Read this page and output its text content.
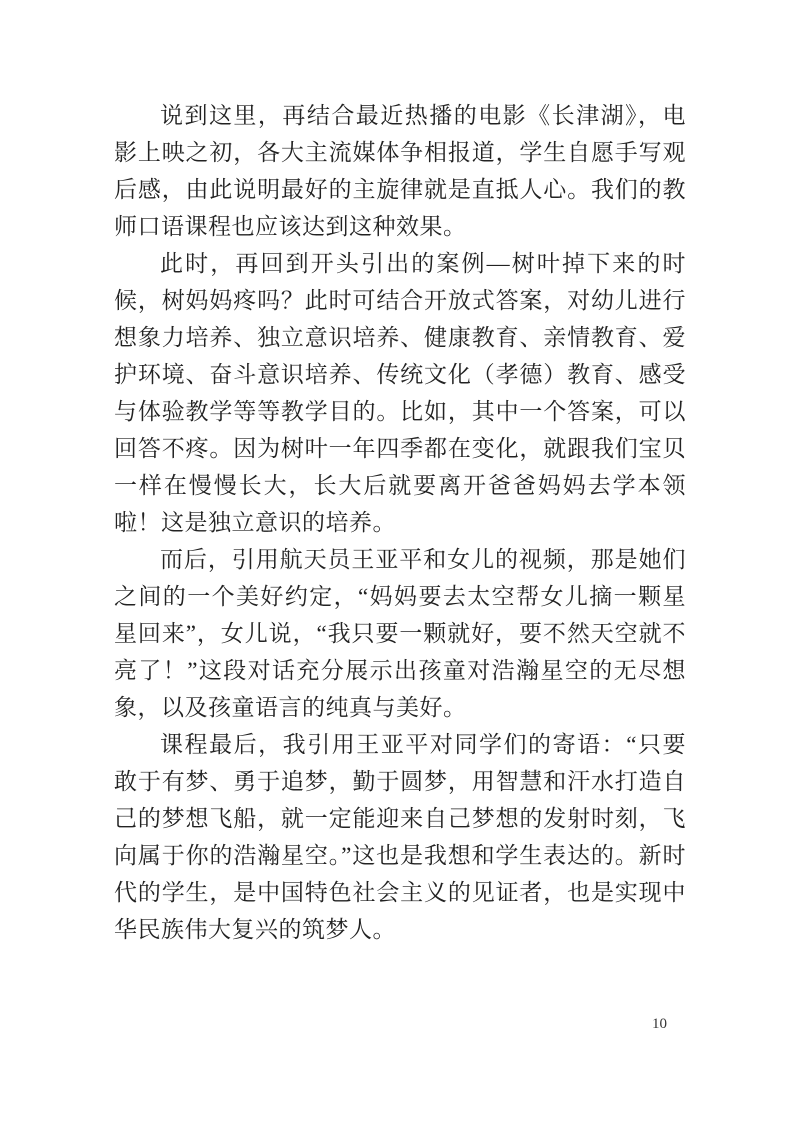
说到这里，再结合最近热播的电影《长津湖》，电影上映之初，各大主流媒体争相报道，学生自愿手写观后感，由此说明最好的主旋律就是直抵人心。我们的教师口语课程也应该达到这种效果。

此时，再回到开头引出的案例—树叶掉下来的时候，树妈妈疼吗？此时可结合开放式答案，对幼儿进行想象力培养、独立意识培养、健康教育、亲情教育、爱护环境、奋斗意识培养、传统文化（孝德）教育、感受与体验教学等等教学目的。比如，其中一个答案，可以回答不疼。因为树叶一年四季都在变化，就跟我们宝贝一样在慢慢长大，长大后就要离开爸爸妈妈去学本领啦！这是独立意识的培养。

而后，引用航天员王亚平和女儿的视频，那是她们之间的一个美好约定，“妈妈要去太空帮女儿摘一颗星星回来”，女儿说，“我只要一颗就好，要不然天空就不亮了！”这段对话充分展示出孩童对浩瀚星空的无尽想象，以及孩童语言的纯真与美好。

课程最后，我引用王亚平对同学们的寄语：“只要敢于有梦、勇于追梦，勤于圆梦，用智慧和汗水打造自己的梦想飞船，就一定能迎来自己梦想的发射时刻，飞向属于你的浩瀚星空。”这也是我想和学生表达的。新时代的学生，是中国特色社会主义的见证者，也是实现中华民族伟大复兴的筑梦人。

10
